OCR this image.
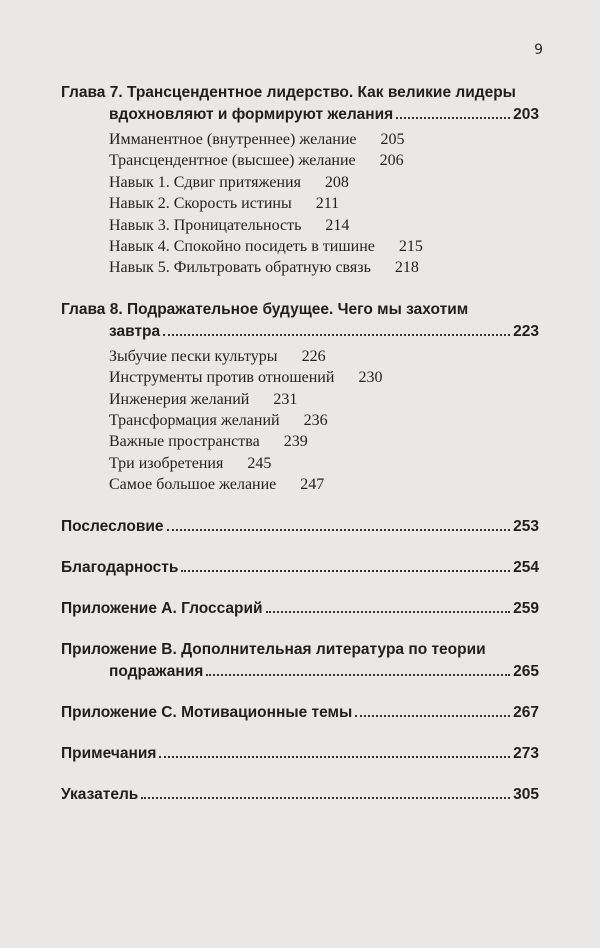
9
Глава 7. Трансцендентное лидерство. Как великие лидеры
вдохновляют и формируют желания	203
Имманентное (внутреннее) желание 205
Трансцендентное (высшее) желание 206
Навык 1. Сдвиг притяжения 208
Навык 2. Скорость истины 211
Навык 3. Проницательность 214
Навык 4. Спокойно посидеть в тишине 215
Навык 5. Фильтровать обратную связь 218
Глава 8. Подражательное будущее. Чего мы захотим
завтра	223
Зыбучие пески культуры 226
Инструменты против отношений 230
Инженерия желаний 231
Трансформация желаний 236
Важные пространства 239
Три изобретения 245
Самое большое желание 247
Послесловие	253
Благодарность	254
Приложение А. Глоссарий	259
Приложение В. Дополнительная литература по теории
подражания	265
Приложение С. Мотивационные темы	267
Примечания	273
Указатель	305
